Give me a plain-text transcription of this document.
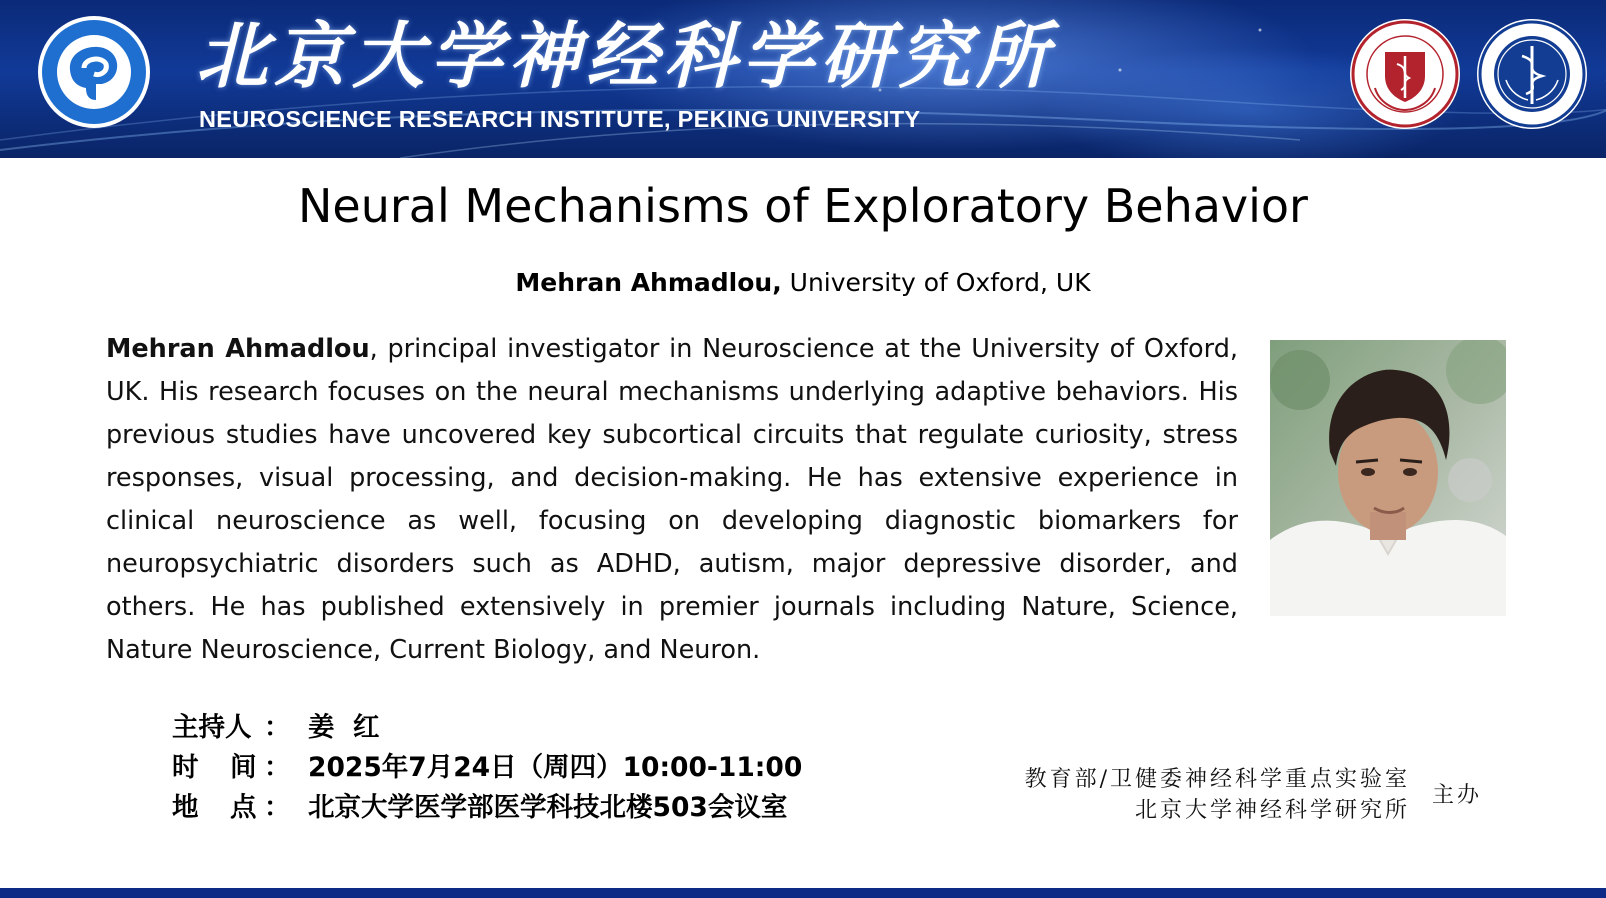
北京大学神经科学研究所
NEUROSCIENCE RESEARCH INSTITUTE, PEKING UNIVERSITY
Neural Mechanisms of Exploratory Behavior
Mehran Ahmadlou, University of Oxford, UK

Mehran Ahmadlou, principal investigator in Neuroscience at the University of Oxford, UK. His research focuses on the neural mechanisms underlying adaptive behaviors. His previous studies have uncovered key subcortical circuits that regulate curiosity, stress responses, visual processing, and decision-making. He has extensive experience in clinical neuroscience as well, focusing on developing diagnostic biomarkers for neuropsychiatric disorders such as ADHD, autism, major depressive disorder, and others. He has published extensively in premier journals including Nature, Science, Nature Neuroscience, Current Biology, and Neuron.

主持人 ： 姜  红
时 间 ： 2025年7月24日（周四）10:00-11:00
地 点 ： 北京大学医学部医学科技北楼503会议室
教育部/卫健委神经科学重点实验室
北京大学神经科学研究所
主办
